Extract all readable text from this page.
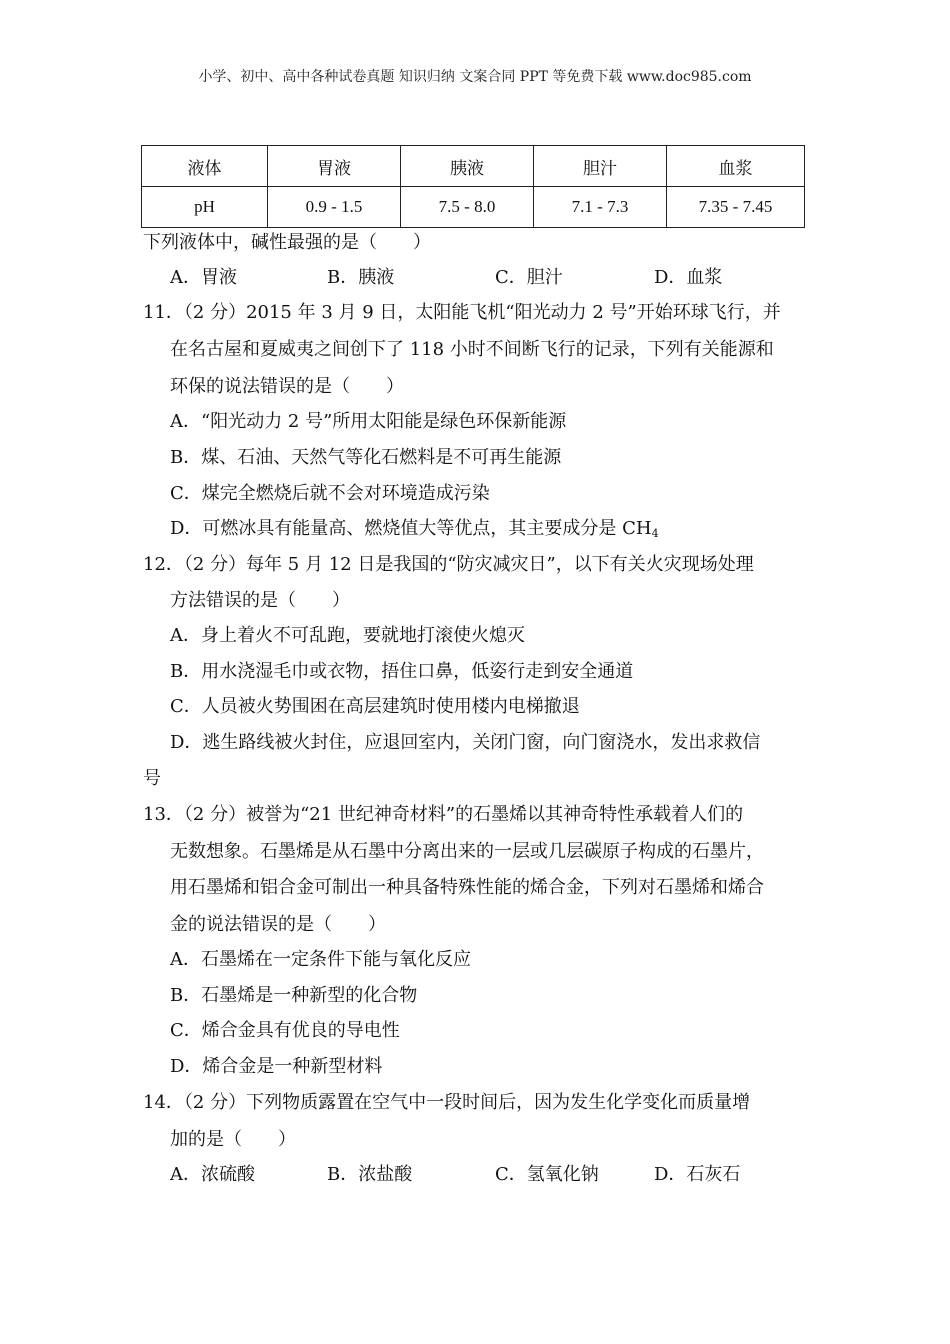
小学、初中、高中各种试卷真题 知识归纳 文案合同 PPT 等免费下载 www.doc985.com
液体	胃液	胰液	胆汁	血浆
pH	0.9 - 1.5	7.5 - 8.0	7.1 - 7.3	7.35 - 7.45
下列液体中，碱性最强的是（　　）
A．胃液	B．胰液	C．胆汁	D．血浆
11．（2 分）2015 年 3 月 9 日，太阳能飞机“阳光动力 2 号”开始环球飞行，并
在名古屋和夏威夷之间创下了 118 小时不间断飞行的记录，下列有关能源和
环保的说法错误的是（　　）
A．“阳光动力 2 号”所用太阳能是绿色环保新能源
B．煤、石油、天然气等化石燃料是不可再生能源
C．煤完全燃烧后就不会对环境造成污染
D．可燃冰具有能量高、燃烧值大等优点，其主要成分是 $CH_4$
12．（2 分）每年 5 月 12 日是我国的“防灾减灾日”，以下有关火灾现场处理
方法错误的是（　　）
A．身上着火不可乱跑，要就地打滚使火熄灭
B．用水浇湿毛巾或衣物，捂住口鼻，低姿行走到安全通道
C．人员被火势围困在高层建筑时使用楼内电梯撤退
D．逃生路线被火封住，应退回室内，关闭门窗，向门窗浇水，发出求救信
号
13．（2 分）被誉为“21 世纪神奇材料”的石墨烯以其神奇特性承载着人们的
无数想象。石墨烯是从石墨中分离出来的一层或几层碳原子构成的石墨片，
用石墨烯和铝合金可制出一种具备特殊性能的烯合金，下列对石墨烯和烯合
金的说法错误的是（　　）
A．石墨烯在一定条件下能与氧化反应
B．石墨烯是一种新型的化合物
C．烯合金具有优良的导电性
D．烯合金是一种新型材料
14．（2 分）下列物质露置在空气中一段时间后，因为发生化学变化而质量增
加的是（　　）
A．浓硫酸	B．浓盐酸	C．氢氧化钠	D．石灰石
